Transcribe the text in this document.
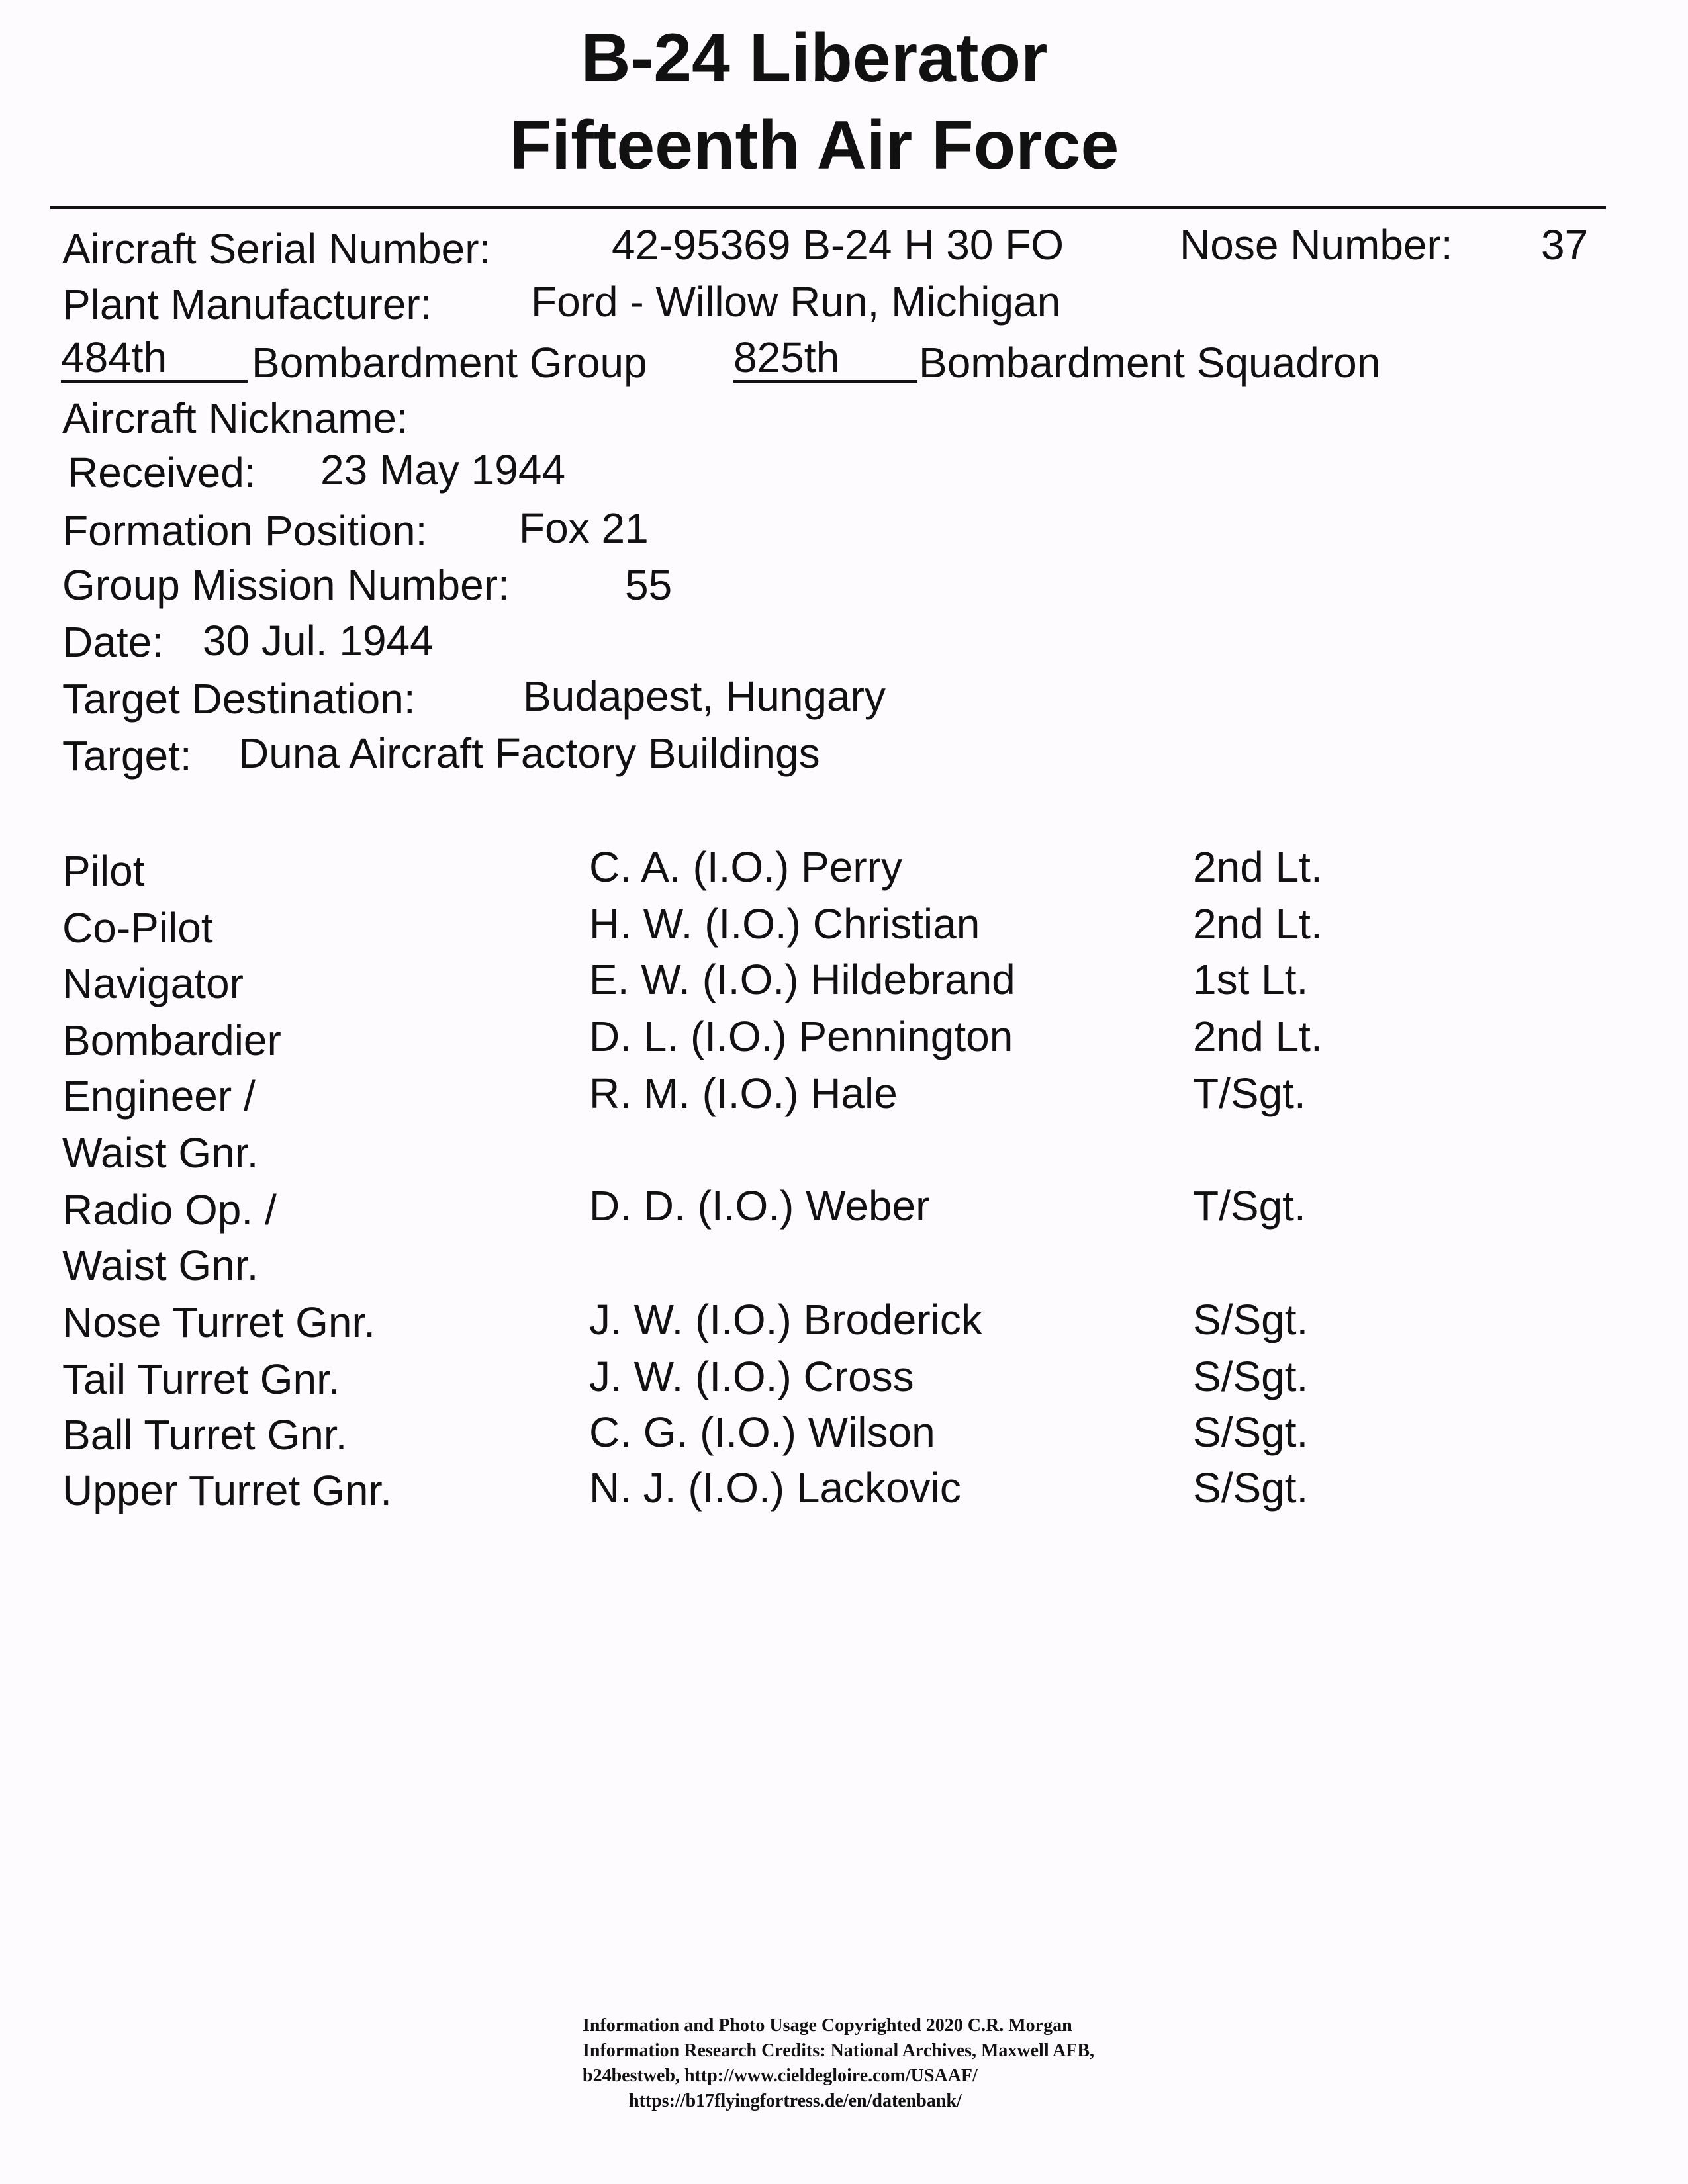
B-24 Liberator
Fifteenth Air Force
Aircraft Serial Number:	42-95369 B-24 H 30 FO	Nose Number: 37
Plant Manufacturer: Ford - Willow Run, Michigan
484th	Bombardment Group 825th	Bombardment Squadron
Aircraft Nickname:
Received: 23 May 1944
Formation Position: Fox 21
Group Mission Number:	55
Date: 30 Jul. 1944
Target Destination:	Budapest, Hungary
Target: Duna Aircraft Factory Buildings
Pilot	C. A. (I.O.) Perry	2nd Lt.
Co-Pilot	H. W. (I.O.) Christian	2nd Lt.
Navigator	E. W. (I.O.) Hildebrand	1st Lt.
Bombardier	D. L. (I.O.) Pennington	2nd Lt.
Engineer /
Waist Gnr.
R. M. (I.O.) Hale	T/Sgt.
Radio Op. /
Waist Gnr.
D. D. (I.O.) Weber	T/Sgt.
Nose Turret Gnr.	J. W. (I.O.) Broderick	S/Sgt.
Tail Turret Gnr.	J. W. (I.O.) Cross	S/Sgt.
Ball Turret Gnr.	C. G. (I.O.) Wilson	S/Sgt.
Upper Turret Gnr.	N. J. (I.O.) Lackovic	S/Sgt.
Information and Photo Usage Copyrighted 2020 C.R. Morgan
Information Research Credits: National Archives, Maxwell AFB,
b24bestweb, http://www.cieldegloire.com/USAAF/
https://b17flyingfortress.de/en/datenbank/
